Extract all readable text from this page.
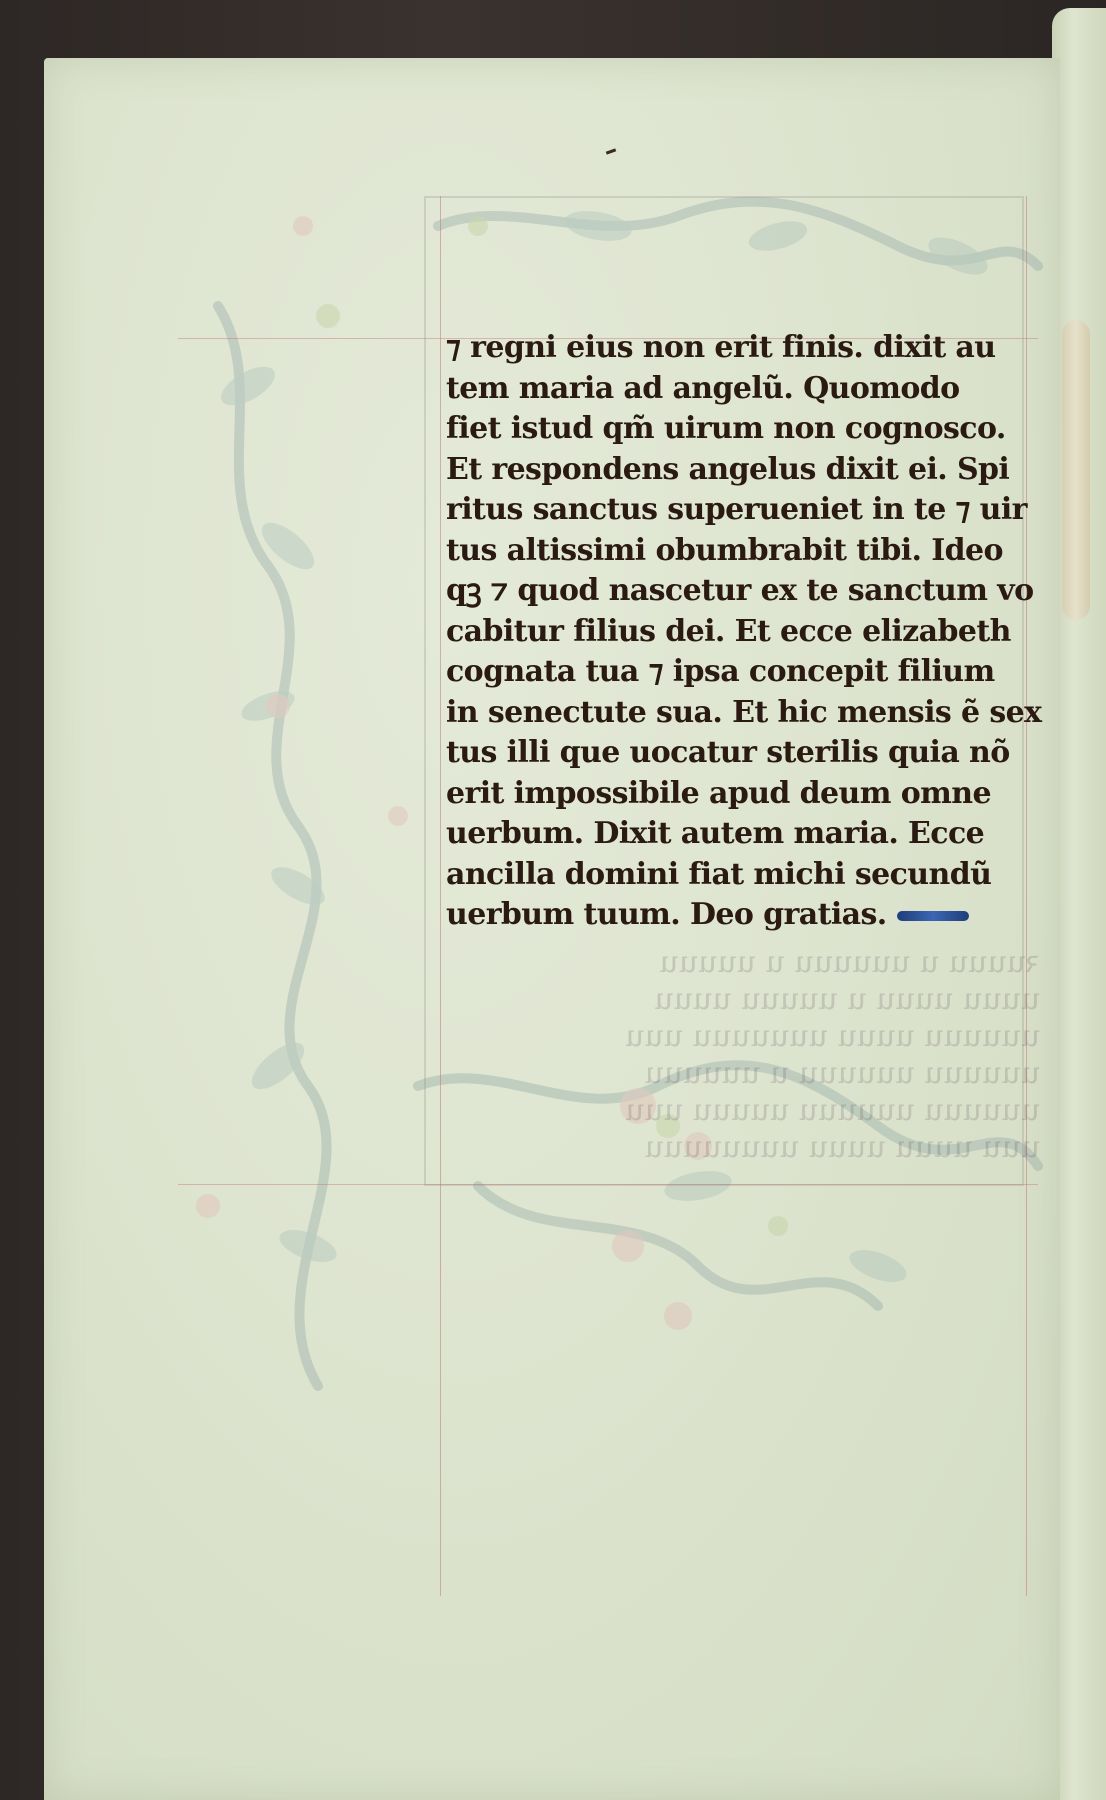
ꝛuuuu u uuuuuu u uuuuu
uuuu uuuu u uuuuu uuuu
uuuuuu uuuu uuuuuuu uuu
uuuuuu uuuuuu u uuuuuu
uuuuuu uuuuuu uuuuu uuu
uuu uuuu uuuu uuuuuuuu
⁊ regni eius non erit finis. dixit au
tem maria ad angelũ. Quomodo
fiet istud qm̃ uirum non cognosco.
Et respondens angelus dixit ei. Spi
ritus sanctus superueniet in te ⁊ uir
tus altissimi obumbrabit tibi. Ideo
qꝫ ⁊ quod nascetur ex te sanctum vo
cabitur filius dei. Et ecce elizabeth
cognata tua ⁊ ipsa concepit filium
in senectute sua. Et hic mensis ẽ sex
tus illi que uocatur sterilis quia nõ
erit impossibile apud deum omne
uerbum. Dixit autem maria. Ecce
ancilla domini fiat michi secundũ
uerbum tuum. Deo gratias.
